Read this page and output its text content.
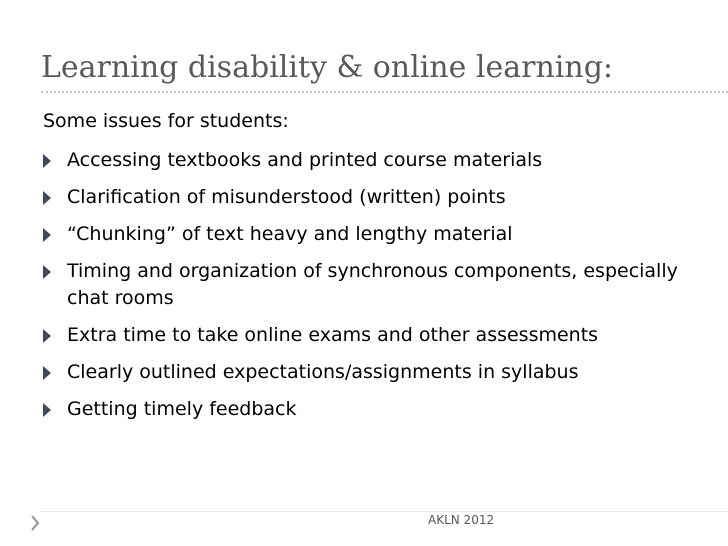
Learning disability & online learning:

Some issues for students:

Accessing textbooks and printed course materials
Clarification of misunderstood (written) points
“Chunking” of text heavy and lengthy material
Timing and organization of synchronous components, especially chat rooms
Extra time to take online exams and other assessments
Clearly outlined expectations/assignments in syllabus
Getting timely feedback
AKLN 2012
